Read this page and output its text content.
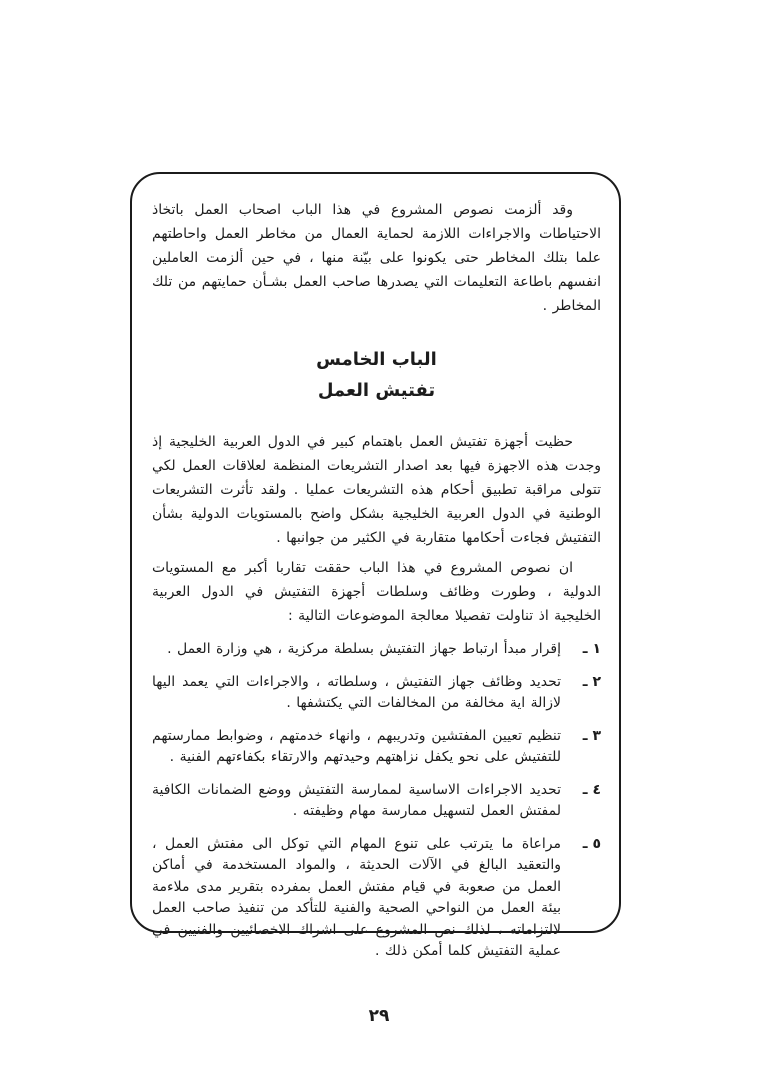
وقد ألزمت نصوص المشروع في هذا الباب اصحاب العمل باتخاذ الاحتياطات والاجراءات اللازمة لحماية العمال من مخاطر العمل واحاطتهم علما بتلك المخاطر حتى يكونوا على بيّنة منها ، في حين ألزمت العاملين انفسهم باطاعة التعليمات التي يصدرها صاحب العمل بشـأن حمايتهم من تلك المخاطر .

الباب الخامس
تفتيش العمل

حظيت أجهزة تفتيش العمل باهتمام كبير في الدول العربية الخليجية إذ وجدت هذه الاجهزة فيها بعد اصدار التشريعات المنظمة لعلاقات العمل لكي تتولى مراقبة تطبيق أحكام هذه التشريعات عمليا . ولقد تأثرت التشريعات الوطنية في الدول العربية الخليجية بشكل واضح بالمستويات الدولية بشأن التفتيش فجاءت أحكامها متقاربة في الكثير من جوانبها .

ان نصوص المشروع في هذا الباب حققت تقاربا أكبر مع المستويات الدولية ، وطورت وظائف وسلطات أجهزة التفتيش في الدول العربية الخليجية اذ تناولت تفصيلا معالجة الموضوعات التالية :

١ ـ
إقرار مبدأ ارتباط جهاز التفتيش بسلطة مركزية ، هي وزارة العمل .
٢ ـ
تحديد وظائف جهاز التفتيش ، وسلطاته ، والاجراءات التي يعمد اليها لازالة اية مخالفة من المخالفات التي يكتشفها .
٣ ـ
تنظيم تعيين المفتشين وتدريبهم ، وانهاء خدمتهم ، وضوابط ممارستهم للتفتيش على نحو يكفل نزاهتهم وحيدتهم والارتقاء بكفاءتهم الفنية .
٤ ـ
تحديد الاجراءات الاساسية لممارسة التفتيش ووضع الضمانات الكافية لمفتش العمل لتسهيل ممارسة مهام وظيفته .
٥ ـ
مراعاة ما يترتب على تنوع المهام التي توكل الى مفتش العمل ، والتعقيد البالغ في الآلات الحديثة ، والمواد المستخدمة في أماكن العمل من صعوبة في قيام مفتش العمل بمفرده بتقرير مدى ملاءمة بيئة العمل من النواحي الصحية والفنية للتأكد من تنفيذ صاحب العمل لالتزاماته ، لذلك نص المشروع على اشراك الاخصائيين والفنيين في عملية التفتيش كلما أمكن ذلك .
٢٩
